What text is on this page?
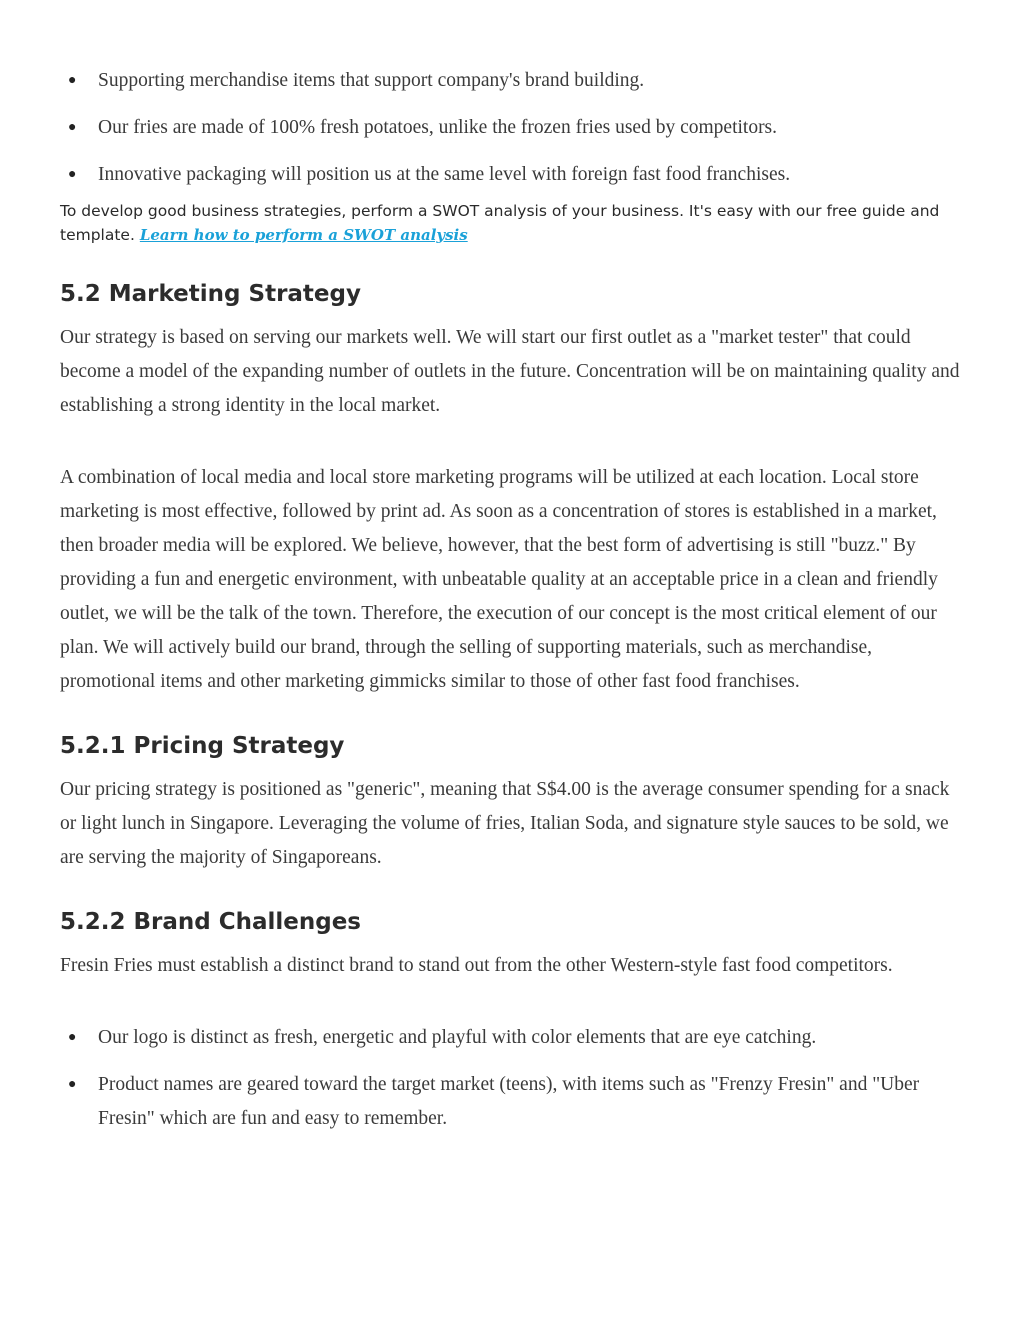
● Supporting merchandise items that support company's brand building.
● Our fries are made of 100% fresh potatoes, unlike the frozen fries used by competitors.
● Innovative packaging will position us at the same level with foreign fast food franchises.
To develop good business strategies, perform a SWOT analysis of your business. It's easy with our free guide and template. Learn how to perform a SWOT analysis
5.2 Marketing Strategy

Our strategy is based on serving our markets well. We will start our first outlet as a "market tester" that could become a model of the expanding number of outlets in the future. Concentration will be on maintaining quality and establishing a strong identity in the local market.

A combination of local media and local store marketing programs will be utilized at each location. Local store marketing is most effective, followed by print ad. As soon as a concentration of stores is established in a market, then broader media will be explored. We believe, however, that the best form of advertising is still "buzz." By providing a fun and energetic environment, with unbeatable quality at an acceptable price in a clean and friendly outlet, we will be the talk of the town. Therefore, the execution of our concept is the most critical element of our plan. We will actively build our brand, through the selling of supporting materials, such as merchandise, promotional items and other marketing gimmicks similar to those of other fast food franchises.

5.2.1 Pricing Strategy

Our pricing strategy is positioned as "generic", meaning that S$4.00 is the average consumer spending for a snack or light lunch in Singapore. Leveraging the volume of fries, Italian Soda, and signature style sauces to be sold, we are serving the majority of Singaporeans.

5.2.2 Brand Challenges

Fresin Fries must establish a distinct brand to stand out from the other Western-style fast food competitors.

● Our logo is distinct as fresh, energetic and playful with color elements that are eye catching.
● Product names are geared toward the target market (teens), with items such as "Frenzy Fresin" and "Uber Fresin" which are fun and easy to remember.
